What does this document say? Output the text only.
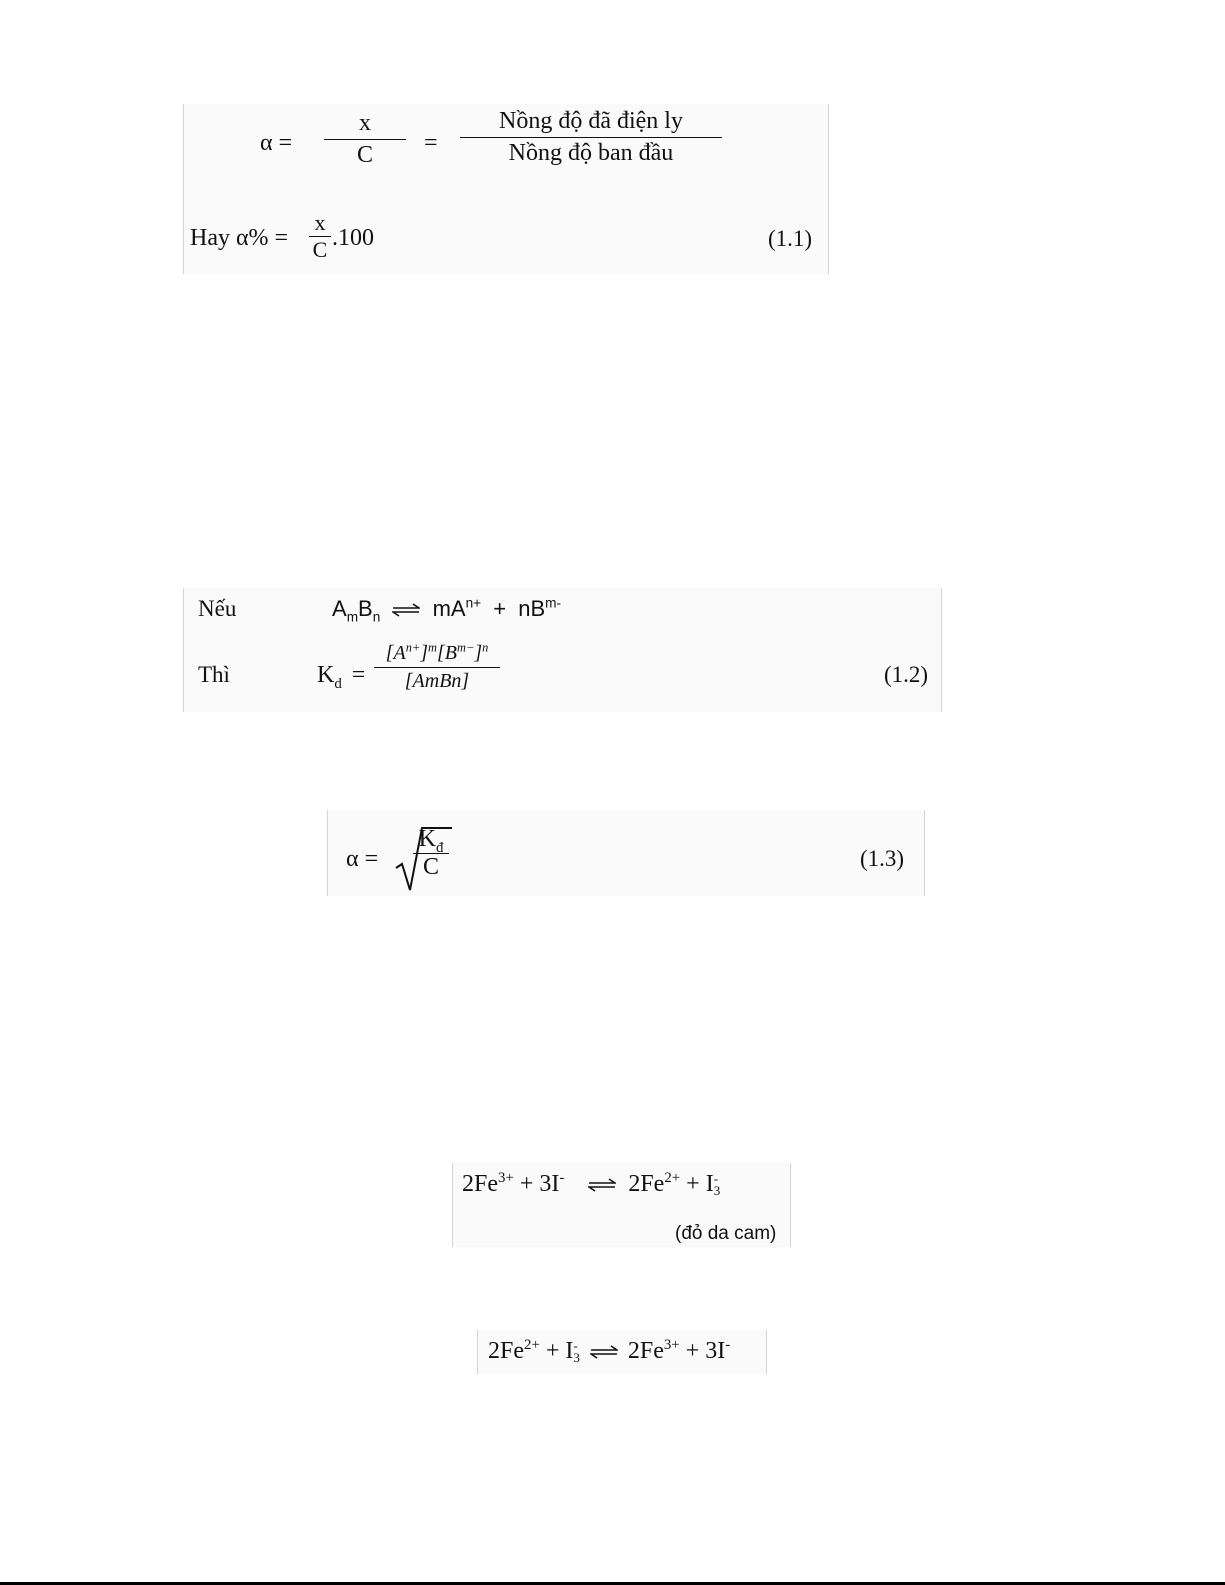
$\alpha = \frac{x}{C}$ =
Nồng độ đã điện ly
Nồng độ ban đầu
Hay $\alpha\% = \frac{x}{C} .100$	(1.1)
Nếu	$A_mB_n$ ⇌ $mA^{n+} + nB^{m-}$
Thì	$K_d$ =
$[A^{n+}]^m[B^{m-}]^n$
[AmBn]	(1.2)
$\alpha = \frac{K_đ}{C}$	(1.3)
$2Fe^{3+} + 3I^-$ ⇌ $2Fe^{2+} + I$ -
3
(đỏ da cam)
$2Fe^{2+} + I$ -
3
⇌ $2Fe^{3+} + 3I^-$
